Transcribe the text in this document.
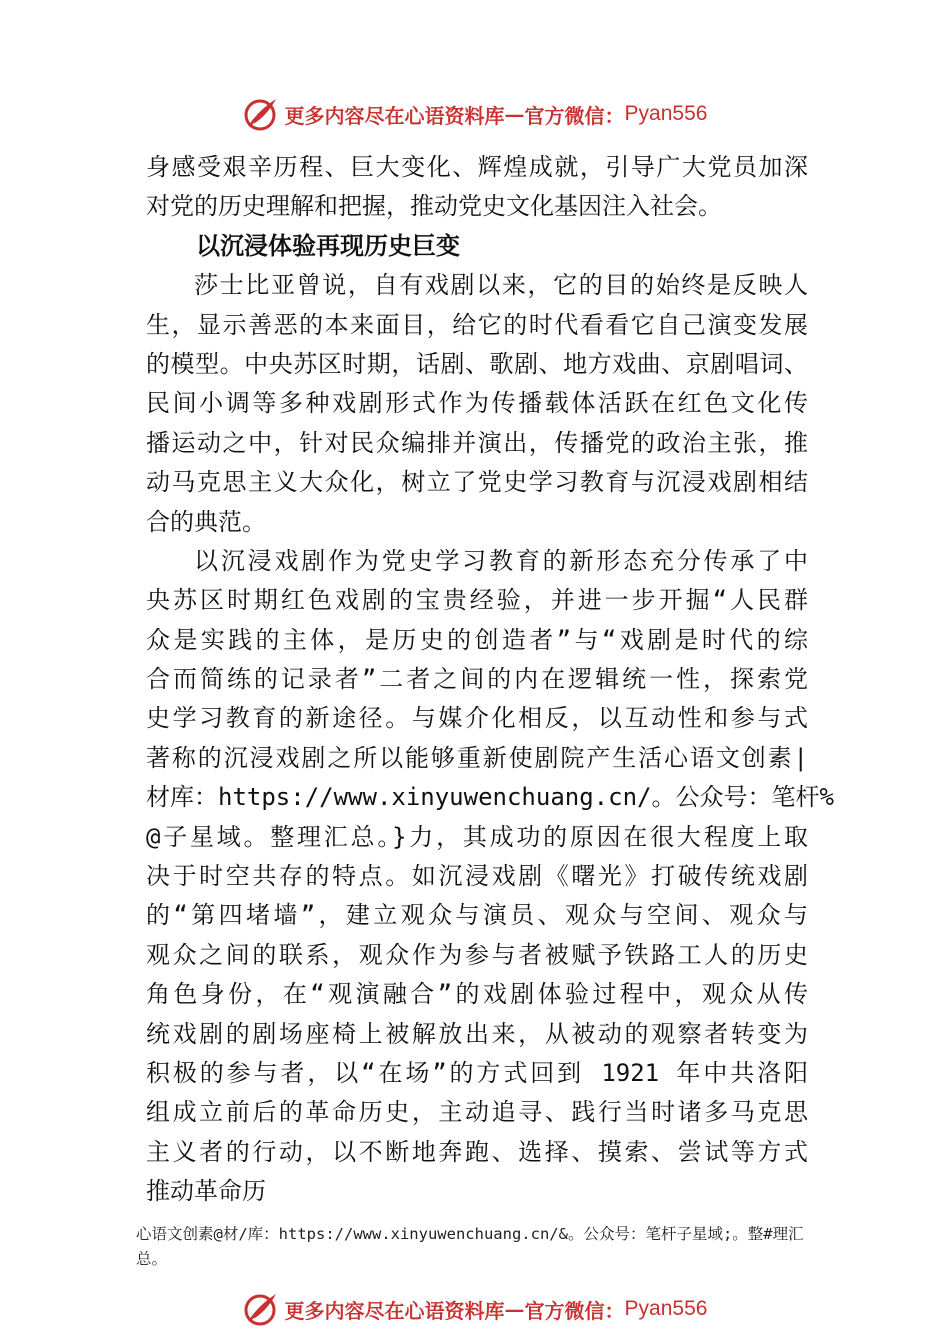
更多内容尽在心语资料库 — 官方微信： Pyan556
身感受艰辛历程、巨大变化、辉煌成就，引导广大党员加深
对党的历史理解和把握，推动党史文化基因注入社会。
以沉浸体验再现历史巨变
莎士比亚曾说，自有戏剧以来，它的目的始终是反映人
生，显示善恶的本来面目，给它的时代看看它自己演变发展
的模型。中央苏区时期，话剧、歌剧、地方戏曲、京剧唱词、
民间小调等多种戏剧形式作为传播载体活跃在红色文化传
播运动之中，针对民众编排并演出，传播党的政治主张，推
动马克思主义大众化，树立了党史学习教育与沉浸戏剧相结
合的典范。
以沉浸戏剧作为党史学习教育的新形态充分传承了中
央苏区时期红色戏剧的宝贵经验，并进一步开掘“人民群
众是实践的主体，是历史的创造者”与“戏剧是时代的综
合而简练的记录者”二者之间的内在逻辑统一性，探索党
史学习教育的新途径。与媒介化相反，以互动性和参与式
著称的沉浸戏剧之所以能够重新使剧院产生活心语文创素|
材库：https://www.xinyuwenchuang.cn/。公众号：笔杆%
@子星域。整理汇总。}力，其成功的原因在很大程度上取
决于时空共存的特点。如沉浸戏剧《曙光》打破传统戏剧
的“第四堵墙”，建立观众与演员、观众与空间、观众与
观众之间的联系，观众作为参与者被赋予铁路工人的历史
角色身份，在“观演融合”的戏剧体验过程中，观众从传
统戏剧的剧场座椅上被解放出来，从被动的观察者转变为
积极的参与者，以“在场”的方式回到 1921 年中共洛阳
组成立前后的革命历史，主动追寻、践行当时诸多马克思
主义者的行动，以不断地奔跑、选择、摸索、尝试等方式
推动革命历
心语文创素@材/库：https://www.xinyuwenchuang.cn/&。公众号：笔杆子星域;。整#理汇
总。
更多内容尽在心语资料库 — 官方微信： Pyan556
